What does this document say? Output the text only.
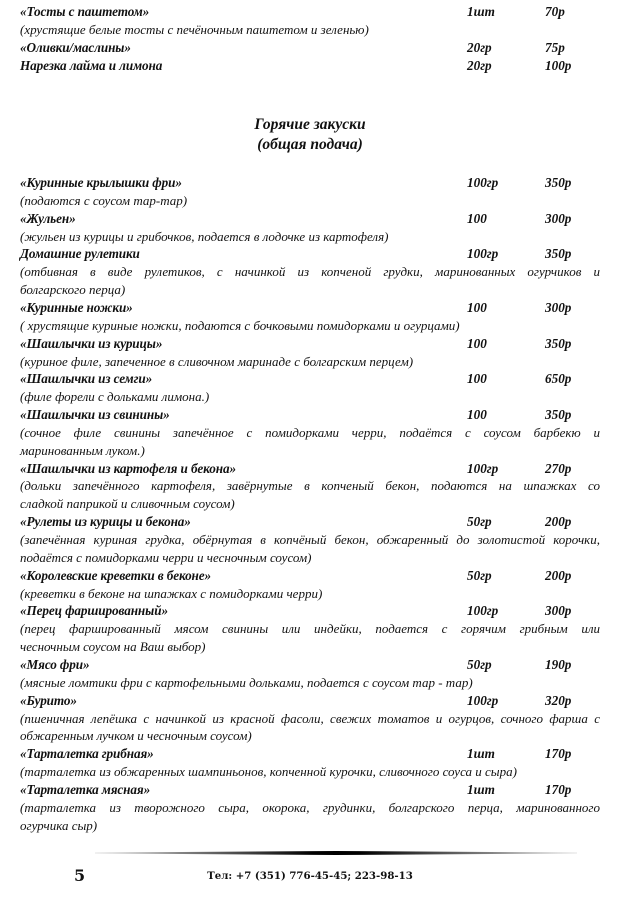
«Тосты с паштетом»	1шт	70р
(хрустящие белые тосты с печёночным паштетом и зеленью)
«Оливки/маслины»	20гр	75р
Нарезка лайма и лимона	20гр	100р
Горячие закуски
(общая подача)
«Куринные крылышки фри»	100гр	350р
(подаются с соусом тар-тар)
«Жульен»	100	300р
(жульен из курицы и грибочков, подается в лодочке из картофеля)
Домашние рулетики	100гр	350р
(отбивная в виде рулетиков, с начинкой из копченой грудки, маринованных огурчиков и
болгарского перца)
«Куринные ножки»	100	300р
( хрустящие куриные ножки, подаются с бочковыми помидорками и огурцами)
«Шашлычки из курицы»	100	350р
(куриное филе, запеченное в сливочном маринаде с болгарским перцем)
«Шашлычки из семги»	100	650р
(филе форели с дольками лимона.)
«Шашлычки из свинины»	100	350р
(сочное филе свинины запечённое с помидорками черри, подаётся с соусом барбекю и
маринованным луком.)
«Шашлычки из картофеля и бекона»	100гр	270р
(дольки запечённого картофеля, завёрнутые в копченый бекон, подаются на шпажках со
сладкой паприкой и сливочным соусом)
«Рулеты из курицы и бекона»	50гр	200р
(запечённая куриная грудка, обёрнутая в копчёный бекон, обжаренный до золотистой корочки,
подаётся с помидорками черри и чесночным соусом)
«Королевские креветки в беконе»	50гр	200р
(креветки в беконе на шпажках с помидорками черри)
«Перец фаршированный»	100гр	300р
(перец фаршированный мясом свинины или индейки, подается с горячим грибным или
чесночным соусом на Ваш выбор)
«Мясо фри»	50гр	190р
(мясные ломтики фри с картофельными дольками, подается с соусом тар - тар)
«Бурито»	100гр	320р
(пшеничная лепёшка с начинкой из красной фасоли, свежих томатов и огурцов, сочного фарша с
обжаренным лучком и чесночным соусом)
«Тарталетка грибная»	1шт	170р
(тарталетка из обжаренных шампиньонов, копченной курочки, сливочного соуса и сыра)
«Тарталетка мясная»	1шт	170р
(тарталетка из творожного сыра, окорока, грудинки, болгарского перца, маринованного
огурчика сыр)
5	Тел: +7 (351) 776-45-45; 223-98-13
